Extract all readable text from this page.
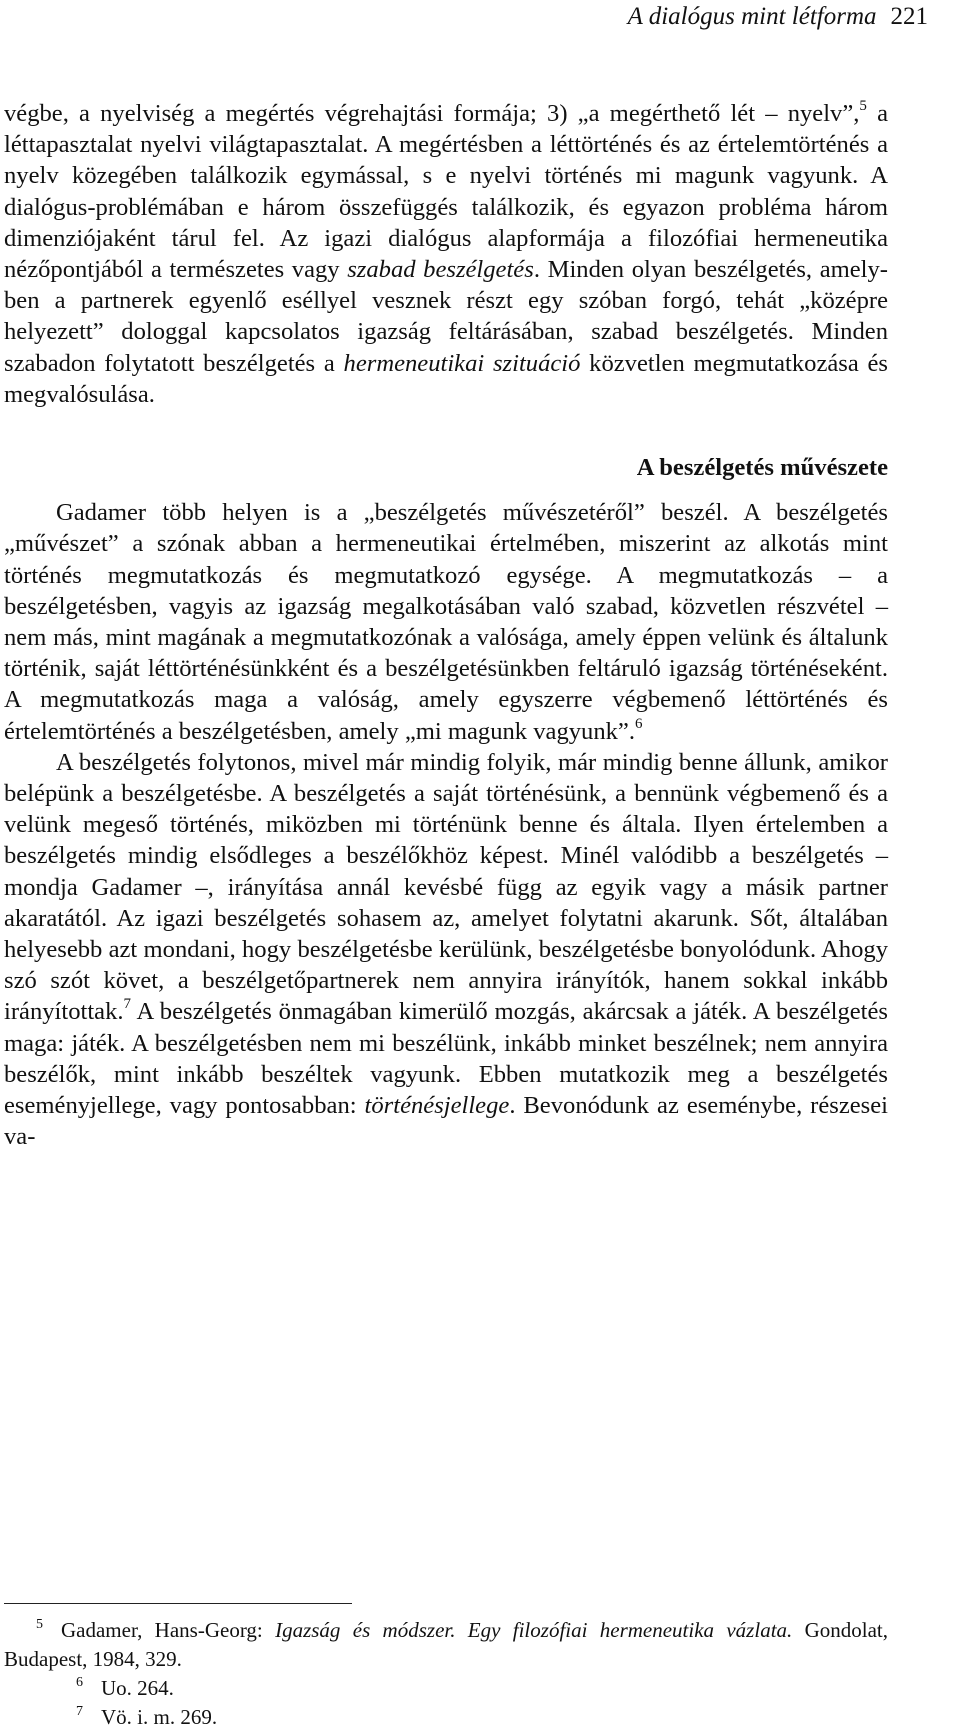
A dialógus mint létforma 221

végbe, a nyelviség a megértés végrehajtási formája; 3) „a megérthető lét – nyelv”,$^5$ a léttapasztalat nyelvi világtapasztalat. A megértésben a léttörténés és az értelemtörténés a nyelv közegében találkozik egymással, s e nyelvi történés mi magunk vagyunk. A dialógus-problémában e három összefüggés találkozik, és egyazon probléma három dimenziójaként tárul fel. Az igazi dialógus alapformája a filozófiai hermeneutika nézőpontjából a természetes vagy szabad beszélgetés. Minden olyan beszélgetés, amelyben a partnerek egyenlő eséllyel vesznek részt egy szóban forgó, tehát „középre helyezett” dologgal kapcsolatos igazság feltárásában, szabad beszélgetés. Minden szabadon folytatott beszélgetés a hermeneutikai szituáció közvetlen megmutatkozása és megvalósulása.

A beszélgetés művészete

Gadamer több helyen is a „beszélgetés művészetéről” beszél. A beszélgetés „művészet” a szónak abban a hermeneutikai értelmében, miszerint az alkotás mint történés megmutatkozás és megmutatkozó egysége. A megmutatkozás – a beszélgetésben, vagyis az igazság megalkotásában való szabad, közvetlen részvétel – nem más, mint magának a megmutatkozónak a valósága, amely éppen velünk és általunk történik, saját léttörténésünkként és a beszélgetésünkben feltáruló igazság történéseként. A megmutatkozás maga a valóság, amely egyszerre végbemenő léttörténés és értelemtörténés a beszélgetésben, amely „mi magunk vagyunk”.$^6$

A beszélgetés folytonos, mivel már mindig folyik, már mindig benne állunk, amikor belépünk a beszélgetésbe. A beszélgetés a saját történésünk, a bennünk végbemenő és a velünk megeső történés, miközben mi történünk benne és általa. Ilyen értelemben a beszélgetés mindig elsődleges a beszélőkhöz képest. Minél valódibb a beszélgetés – mondja Gadamer –, irányítása annál kevésbé függ az egyik vagy a másik partner akaratától. Az igazi beszélgetés sohasem az, amelyet folytatni akarunk. Sőt, általában helyesebb azt mondani, hogy beszélgetésbe kerülünk, beszélgetésbe bonyolódunk. Ahogy szó szót követ, a beszélgetőpartnerek nem annyira irányítók, hanem sokkal inkább irányítottak.$^7$ A beszélgetés önmagában kimerülő mozgás, akárcsak a játék. A beszélgetés maga: játék. A beszélgetésben nem mi beszélünk, inkább minket beszélnek; nem annyira beszélők, mint inkább beszéltek vagyunk. Ebben mutatkozik meg a beszélgetés eseményjellege, vagy pontosabban: történésjellege. Bevonódunk az eseménybe, részesei va-

$^5$ Gadamer, Hans-Georg: Igazság és módszer. Egy filozófiai hermeneutika vázlata. Gondolat, Budapest, 1984, 329.

$^6$ Uo. 264.

$^7$ Vö. i. m. 269.
